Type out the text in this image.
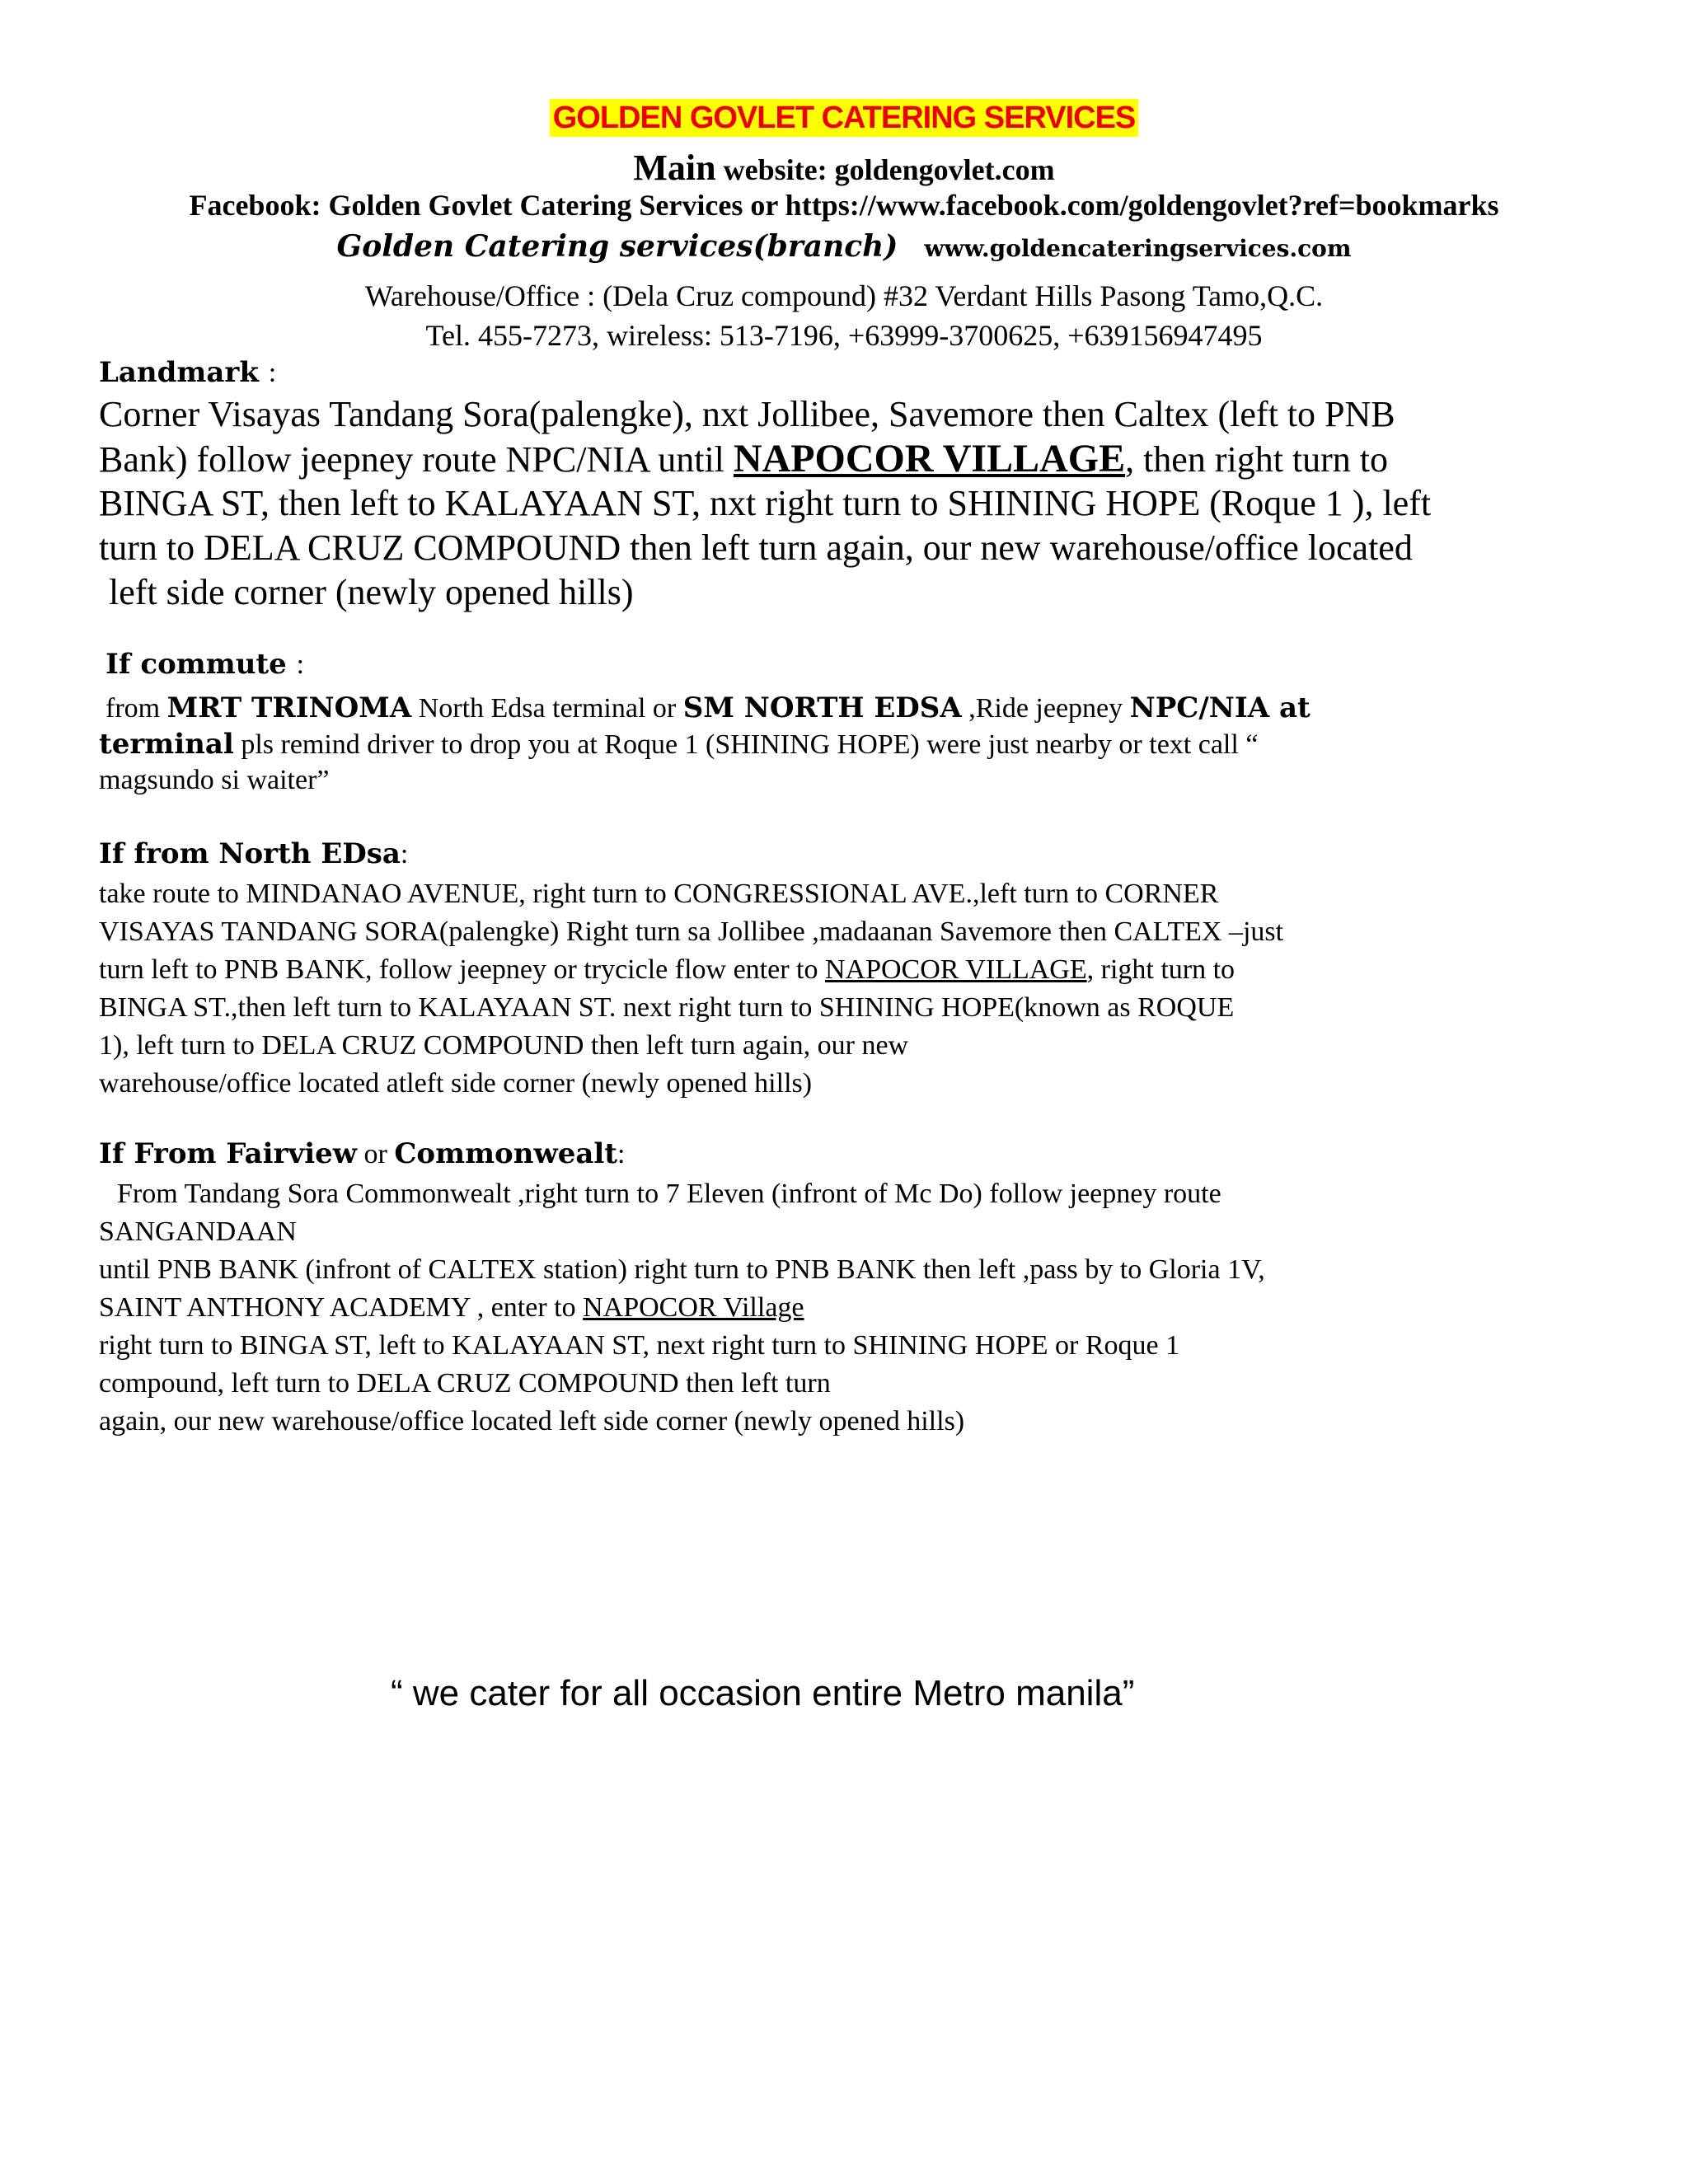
GOLDEN GOVLET CATERING SERVICES
Main website: goldengovlet.com
Facebook: Golden Govlet Catering Services or https://www.facebook.com/goldengovlet?ref=bookmarks
Golden Catering services(branch) www.goldencateringservices.com
Warehouse/Office : (Dela Cruz compound) #32 Verdant Hills Pasong Tamo,Q.C.
Tel. 455-7273, wireless: 513-7196, +63999-3700625, +639156947495
Landmark :
Corner Visayas Tandang Sora(palengke), nxt Jollibee, Savemore then Caltex (left to PNB
Bank) follow jeepney route NPC/NIA until NAPOCOR VILLAGE, then right turn to
BINGA ST, then left to KALAYAAN ST, nxt right turn to SHINING HOPE (Roque 1 ), left
turn to DELA CRUZ COMPOUND then left turn again, our new warehouse/office located
left side corner (newly opened hills)
If commute :
from MRT TRINOMA North Edsa terminal or SM NORTH EDSA ,Ride jeepney NPC/NIA at
terminal pls remind driver to drop you at Roque 1 (SHINING HOPE) were just nearby or text call “
magsundo si waiter”
If from North EDsa:
take route to MINDANAO AVENUE, right turn to CONGRESSIONAL AVE.,left turn to CORNER
VISAYAS TANDANG SORA(palengke) Right turn sa Jollibee ,madaanan Savemore then CALTEX –just
turn left to PNB BANK, follow jeepney or trycicle flow enter to NAPOCOR VILLAGE, right turn to
BINGA ST.,then left turn to KALAYAAN ST. next right turn to SHINING HOPE(known as ROQUE
1), left turn to DELA CRUZ COMPOUND then left turn again, our new
warehouse/office located atleft side corner (newly opened hills)
If From Fairview or Commonwealt:
From Tandang Sora Commonwealt ,right turn to 7 Eleven (infront of Mc Do) follow jeepney route
SANGANDAAN
until PNB BANK (infront of CALTEX station) right turn to PNB BANK then left ,pass by to Gloria 1V,
SAINT ANTHONY ACADEMY , enter to NAPOCOR Village
right turn to BINGA ST, left to KALAYAAN ST, next right turn to SHINING HOPE or Roque 1
compound, left turn to DELA CRUZ COMPOUND then left turn
again, our new warehouse/office located left side corner (newly opened hills)
“ we cater for all occasion entire Metro manila”
